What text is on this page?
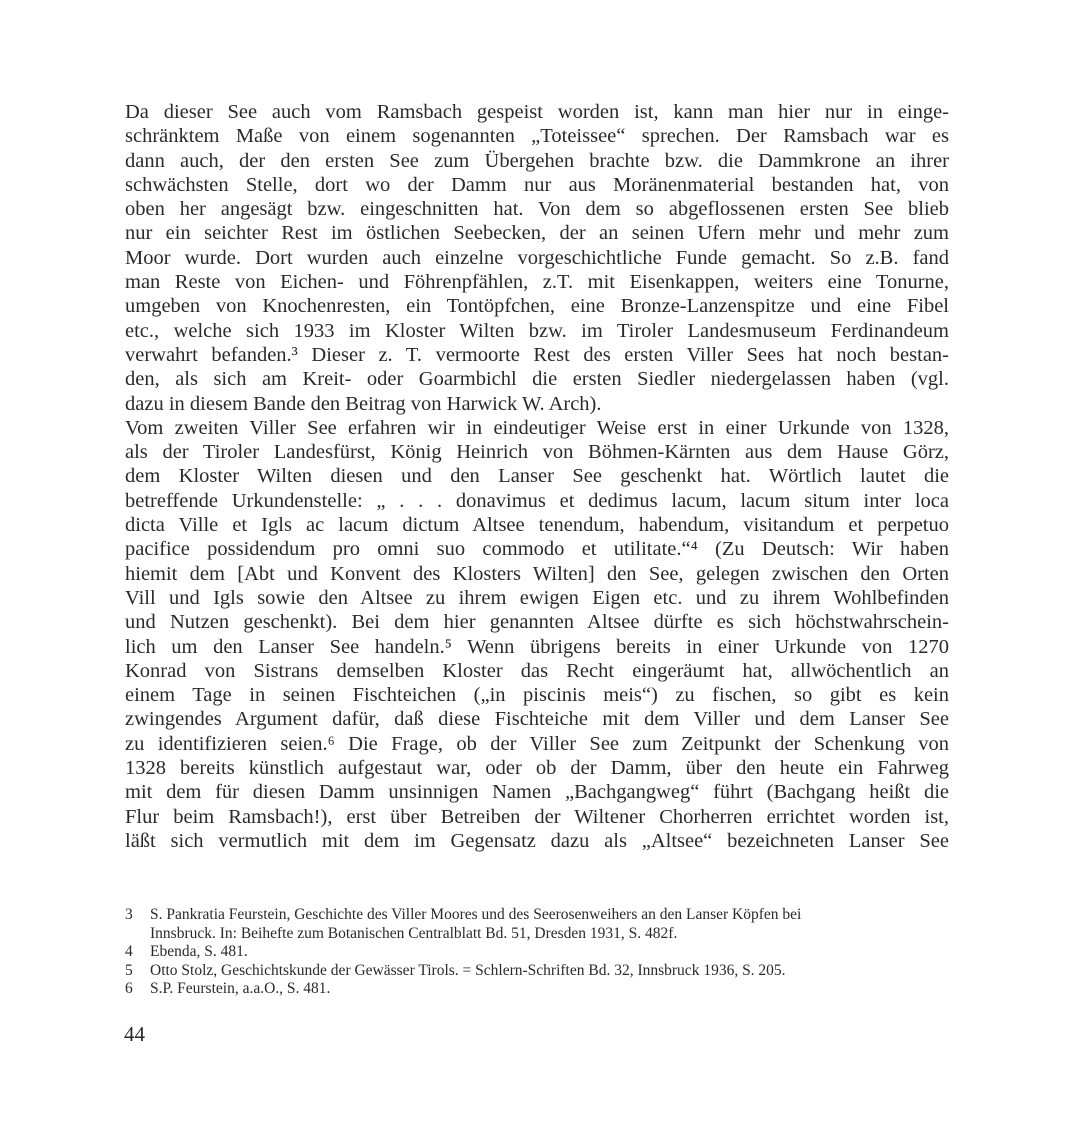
Da dieser See auch vom Ramsbach gespeist worden ist, kann man hier nur in einge-
schränktem Maße von einem sogenannten „Toteissee“ sprechen. Der Ramsbach war es
dann auch, der den ersten See zum Übergehen brachte bzw. die Dammkrone an ihrer
schwächsten Stelle, dort wo der Damm nur aus Moränenmaterial bestanden hat, von
oben her angesägt bzw. eingeschnitten hat. Von dem so abgeflossenen ersten See blieb
nur ein seichter Rest im östlichen Seebecken, der an seinen Ufern mehr und mehr zum
Moor wurde. Dort wurden auch einzelne vorgeschichtliche Funde gemacht. So z.B. fand
man Reste von Eichen- und Föhrenpfählen, z.T. mit Eisenkappen, weiters eine Tonurne,
umgeben von Knochenresten, ein Tontöpfchen, eine Bronze-Lanzenspitze und eine Fibel
etc., welche sich 1933 im Kloster Wilten bzw. im Tiroler Landesmuseum Ferdinandeum
verwahrt befanden.³ Dieser z. T. vermoorte Rest des ersten Viller Sees hat noch bestan-
den, als sich am Kreit- oder Goarmbichl die ersten Siedler niedergelassen haben (vgl.
dazu in diesem Bande den Beitrag von Harwick W. Arch).
Vom zweiten Viller See erfahren wir in eindeutiger Weise erst in einer Urkunde von 1328,
als der Tiroler Landesfürst, König Heinrich von Böhmen-Kärnten aus dem Hause Görz,
dem Kloster Wilten diesen und den Lanser See geschenkt hat. Wörtlich lautet die
betreffende Urkundenstelle: „ . . . donavimus et dedimus lacum, lacum situm inter loca
dicta Ville et Igls ac lacum dictum Altsee tenendum, habendum, visitandum et perpetuo
pacifice possidendum pro omni suo commodo et utilitate.“⁴ (Zu Deutsch: Wir haben
hiemit dem [Abt und Konvent des Klosters Wilten] den See, gelegen zwischen den Orten
Vill und Igls sowie den Altsee zu ihrem ewigen Eigen etc. und zu ihrem Wohlbefinden
und Nutzen geschenkt). Bei dem hier genannten Altsee dürfte es sich höchstwahrschein-
lich um den Lanser See handeln.⁵ Wenn übrigens bereits in einer Urkunde von 1270
Konrad von Sistrans demselben Kloster das Recht eingeräumt hat, allwöchentlich an
einem Tage in seinen Fischteichen („in piscinis meis“) zu fischen, so gibt es kein
zwingendes Argument dafür, daß diese Fischteiche mit dem Viller und dem Lanser See
zu identifizieren seien.⁶ Die Frage, ob der Viller See zum Zeitpunkt der Schenkung von
1328 bereits künstlich aufgestaut war, oder ob der Damm, über den heute ein Fahrweg
mit dem für diesen Damm unsinnigen Namen „Bachgangweg“ führt (Bachgang heißt die
Flur beim Ramsbach!), erst über Betreiben der Wiltener Chorherren errichtet worden ist,
läßt sich vermutlich mit dem im Gegensatz dazu als „Altsee“ bezeichneten Lanser See
3 S. Pankratia Feurstein, Geschichte des Viller Moores und des Seerosenweihers an den Lanser Köpfen bei
Innsbruck. In: Beihefte zum Botanischen Centralblatt Bd. 51, Dresden 1931, S. 482f.
4 Ebenda, S. 481.
5 Otto Stolz, Geschichtskunde der Gewässer Tirols. = Schlern-Schriften Bd. 32, Innsbruck 1936, S. 205.
6 S.P. Feurstein, a.a.O., S. 481.
44
